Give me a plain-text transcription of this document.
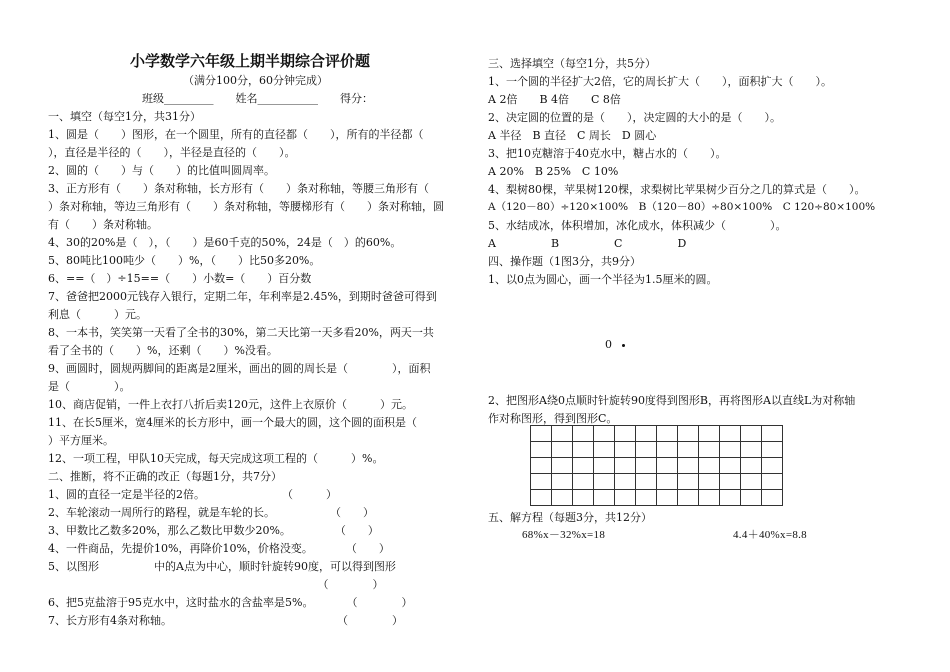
小学数学六年级上期半期综合评价题
（满分100分，60分钟完成）
班级_________　　姓名___________　　得分：
一、填空（每空1分，共31分）
1、圆是（　　）图形，在一个圆里，所有的直径都（　　），所有的半径都（
），直径是半径的（　　），半径是直径的（　　）。
2、圆的（　　）与（　　）的比值叫圆周率。
3、正方形有（　　）条对称轴，长方形有（　　）条对称轴，等腰三角形有（
）条对称轴，等边三角形有（　　）条对称轴，等腰梯形有（　　）条对称轴，圆
有（　　）条对称轴。
4、30的20%是（　），（　　）是60千克的50%，24是（　）的60%。
5、80吨比100吨少（　　）%，（　　）比50多20%。
6、==（　）÷15==（　　）小数=（　　）百分数
7、爸爸把2000元钱存入银行，定期二年，年利率是2.45%，到期时爸爸可得到
利息（　　　）元。
8、一本书，笑笑第一天看了全书的30%，第二天比第一天多看20%，两天一共
看了全书的（　　）%，还剩（　　）%没看。
9、画圆时，圆规两脚间的距离是2厘米，画出的圆的周长是（　　　　），面积
是（　　　　）。
10、商店促销，一件上衣打八折后卖120元，这件上衣原价（　　　）元。
11、在长5厘米，宽4厘米的长方形中，画一个最大的圆，这个圆的面积是（
）平方厘米。
12、一项工程，甲队10天完成，每天完成这项工程的（　　　）%。
二、推断，将不正确的改正（每题1分，共7分）
1、圆的直径一定是半径的2倍。　　　　　　　　（　　　）
2、车轮滚动一周所行的路程，就是车轮的长。　　　　　　（　　）
3、甲数比乙数多20%，那么乙数比甲数少20%。　　　　　（　　）
4、一件商品，先提价10%，再降价10%，价格没变。　　　　（　　）
5、以图形　　　　　中的A点为中心，顺时针旋转90度，可以得到图形
　　　　　　　　　　　　　　　　　　　　　　　　　（　　　　）
6、把5克盐溶于95克水中，这时盐水的含盐率是5%。　　　　（　　　　）
7、长方形有4条对称轴。　　　　　　　　　　　　　　　　（　　　　）
三、选择填空（每空1分，共5分）
1、一个圆的半径扩大2倍，它的周长扩大（　　），面积扩大（　　）。
A 2倍　　B 4倍　　C 8倍
2、决定圆的位置的是（　　），决定圆的大小的是（　　）。
A 半径　B 直径　C 周长　D 圆心
3、把10克糖溶于40克水中，糖占水的（　　）。
A 20%　B 25%　C 10%
4、梨树80棵，苹果树120棵，求梨树比苹果树少百分之几的算式是（　　）。
A（120－80）÷120×100%　B（120－80）÷80×100%　C 120÷80×100%
5、水结成冰，体积增加，冰化成水，体积减少（　　　　）。
A　　　　　B　　　　　C　　　　　D
四、操作题（1图3分，共9分）
1、以0点为圆心，画一个半径为1.5厘米的圆。
2、把图形A绕0点顺时针旋转90度得到图形B，再将图形A以直线L为对称轴
作对称图形，得到图形C。
五、解方程（每题3分，共12分）
0
68%x－32%x=18	4.4＋40%x=8.8
